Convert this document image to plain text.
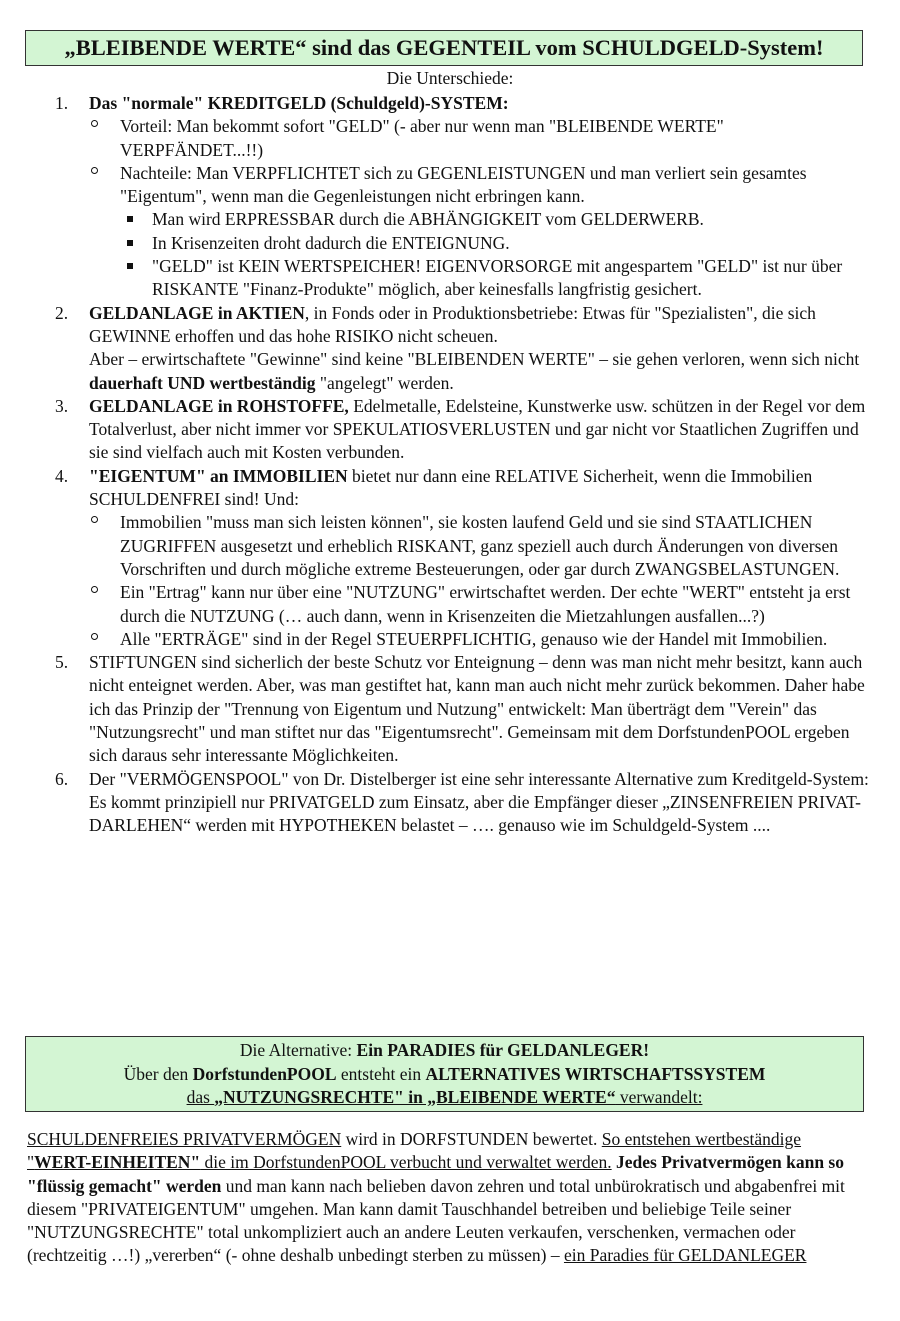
„BLEIBENDE WERTE“ sind das GEGENTEIL vom SCHULDGELD-System!
Die Unterschiede:
1. Das "normale" KREDITGELD (Schuldgeld)-SYSTEM:
Vorteil: Man bekommt sofort "GELD" (- aber nur wenn man "BLEIBENDE WERTE" VERPFÄNDET...!!)
Nachteile: Man VERPFLICHTET sich zu GEGENLEISTUNGEN und man verliert sein gesamtes "Eigentum", wenn man die Gegenleistungen nicht erbringen kann.
Man wird ERPRESSBAR durch die ABHÄNGIGKEIT vom GELDERWERB.
In Krisenzeiten droht dadurch die ENTEIGNUNG.
"GELD" ist KEIN WERTSPEICHER! EIGENVORSORGE mit angespartem "GELD" ist nur über RISKANTE "Finanz-Produkte" möglich, aber keinesfalls langfristig gesichert.
2. GELDANLAGE in AKTIEN, in Fonds oder in Produktionsbetriebe: Etwas für "Spezialisten", die sich GEWINNE erhoffen und das hohe RISIKO nicht scheuen.
Aber – erwirtschaftete "Gewinne" sind keine "BLEIBENDEN WERTE" – sie gehen verloren, wenn sich nicht dauerhaft UND wertbeständig "angelegt" werden.
3. GELDANLAGE in ROHSTOFFE, Edelmetalle, Edelsteine, Kunstwerke usw. schützen in der Regel vor dem Totalverlust, aber nicht immer vor SPEKULATIOSVERLUSTEN und gar nicht vor Staatlichen Zugriffen und sie sind vielfach auch mit Kosten verbunden.
4. "EIGENTUM" an IMMOBILIEN bietet nur dann eine RELATIVE Sicherheit, wenn die Immobilien SCHULDENFREI sind! Und:
Immobilien "muss man sich leisten können", sie kosten laufend Geld und sie sind STAATLICHEN ZUGRIFFEN ausgesetzt und erheblich RISKANT, ganz speziell auch durch Änderungen von diversen Vorschriften und durch mögliche extreme Besteuerungen, oder gar durch ZWANGSBELASTUNGEN.
Ein "Ertrag" kann nur über eine "NUTZUNG" erwirtschaftet werden. Der echte "WERT" entsteht ja erst durch die NUTZUNG (… auch dann, wenn in Krisenzeiten die Mietzahlungen ausfallen...?)
Alle "ERTRÄGE" sind in der Regel STEUERPFLICHTIG, genauso wie der Handel mit Immobilien.
5. STIFTUNGEN sind sicherlich der beste Schutz vor Enteignung – denn was man nicht mehr besitzt, kann auch nicht enteignet werden. Aber, was man gestiftet hat, kann man auch nicht mehr zurück bekommen. Daher habe ich das Prinzip der "Trennung von Eigentum und Nutzung" entwickelt: Man überträgt dem "Verein" das "Nutzungsrecht" und man stiftet nur das "Eigentumsrecht". Gemeinsam mit dem DorfstundenPOOL ergeben sich daraus sehr interessante Möglichkeiten.
6. Der "VERMÖGENSPOOL" von Dr. Distelberger ist eine sehr interessante Alternative zum Kreditgeld-System: Es kommt prinzipiell nur PRIVATGELD zum Einsatz, aber die Empfänger dieser „ZINSENFREIEN PRIVAT-DARLEHEN“ werden mit HYPOTHEKEN belastet – …. genauso wie im Schuldgeld-System ....
Die Alternative: Ein PARADIES für GELDANLEGER!
Über den DorfstundenPOOL entsteht ein ALTERNATIVES WIRTSCHAFTSSYSTEM
das „NUTZUNGSRECHTE" in „BLEIBENDE WERTE“ verwandelt:
SCHULDENFREIES PRIVATVERMÖGEN wird in DORFSTUNDEN bewertet. So entstehen wertbeständige "WERT-EINHEITEN" die im DorfstundenPOOL verbucht und verwaltet werden. Jedes Privatvermögen kann so "flüssig gemacht" werden und man kann nach belieben davon zehren und total unbürokratisch und abgabenfrei mit diesem "PRIVATEIGENTUM" umgehen. Man kann damit Tauschhandel betreiben und beliebige Teile seiner "NUTZUNGSRECHTE" total unkompliziert auch an andere Leuten verkaufen, verschenken, vermachen oder (rechtzeitig …!) „vererben“ (- ohne deshalb unbedingt sterben zu müssen) – ein Paradies für GELDANLEGER
